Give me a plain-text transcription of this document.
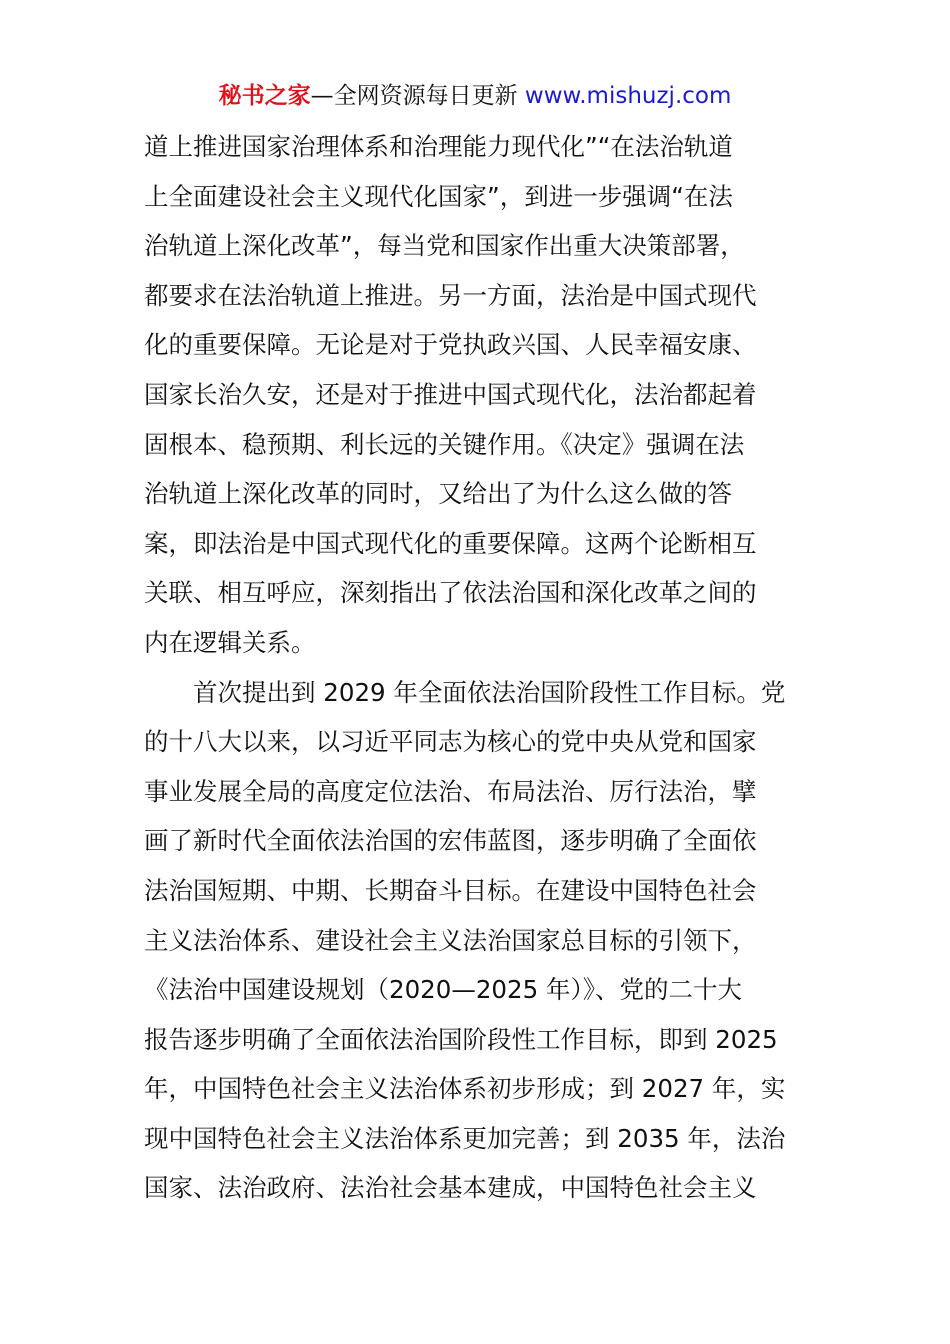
秘书之家—全网资源每日更新 www.mishuzj.com
道上推进国家治理体系和治理能力现代化”“在法治轨道
上全面建设社会主义现代化国家”，到进一步强调“在法
治轨道上深化改革”，每当党和国家作出重大决策部署，
都要求在法治轨道上推进。另一方面，法治是中国式现代
化的重要保障。无论是对于党执政兴国、人民幸福安康、
国家长治久安，还是对于推进中国式现代化，法治都起着
固根本、稳预期、利长远的关键作用。《决定》强调在法
治轨道上深化改革的同时，又给出了为什么这么做的答
案，即法治是中国式现代化的重要保障。这两个论断相互
关联、相互呼应，深刻指出了依法治国和深化改革之间的
内在逻辑关系。
　　首次提出到 2029 年全面依法治国阶段性工作目标。党
的十八大以来，以习近平同志为核心的党中央从党和国家
事业发展全局的高度定位法治、布局法治、厉行法治，擘
画了新时代全面依法治国的宏伟蓝图，逐步明确了全面依
法治国短期、中期、长期奋斗目标。在建设中国特色社会
主义法治体系、建设社会主义法治国家总目标的引领下，
《法治中国建设规划（2020—2025 年）》、党的二十大
报告逐步明确了全面依法治国阶段性工作目标，即到 2025
年，中国特色社会主义法治体系初步形成；到 2027 年，实
现中国特色社会主义法治体系更加完善；到 2035 年，法治
国家、法治政府、法治社会基本建成，中国特色社会主义
